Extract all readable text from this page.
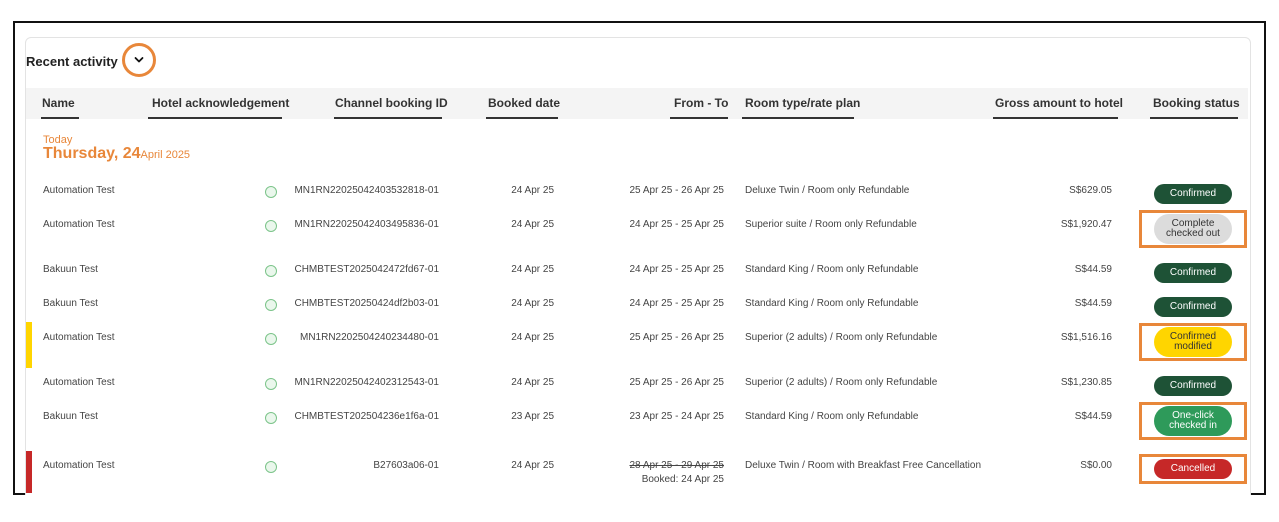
Recent activity
Name	Hotel acknowledgement	Channel booking ID	Booked date	From - To Room type/rate plan	Gross amount to hotel Booking status
Today
Thursday, 24April 2025
Automation Test	MN1RN2202504240353281​8-01	24 Apr 25	25 Apr 25 - 26 Apr 25 Deluxe Twin / Room only Refundable	S$629.05	Confirmed
Automation Test	MN1RN2202504240349583​6-01	24 Apr 25	24 Apr 25 - 25 Apr 25 Superior suite / Room only Refundable	S$1,920.47	Complete
checked out
Bakuun Test	CHMBTEST2025042472fd67-01	24 Apr 25	24 Apr 25 - 25 Apr 25 Standard King / Room only Refundable	S$44.59	Confirmed
Bakuun Test	CHMBTEST20250424df2b03-01	24 Apr 25	24 Apr 25 - 25 Apr 25 Standard King / Room only Refundable	S$44.59	Confirmed
Automation Test	MN1RN2202504240234480-01	24 Apr 25	25 Apr 25 - 26 Apr 25 Superior (2 adults) / Room only Refundable	S$1,516.16	Confirmed
modified
Automation Test	MN1RN2202504240231254​3-01	24 Apr 25	25 Apr 25 - 26 Apr 25 Superior (2 adults) / Room only Refundable	S$1,230.85	Confirmed
Bakuun Test	CHMBTEST202504236e1f6a-01	23 Apr 25	23 Apr 25 - 24 Apr 25 Standard King / Room only Refundable	S$44.59	One-click
checked in
Automation Test	B27603a06-01	24 Apr 25	28 Apr 25 - 29 Apr 25
Booked: 24 Apr 25
Deluxe Twin / Room with Breakfast Free Cancellation	S$0.00	Cancelled
